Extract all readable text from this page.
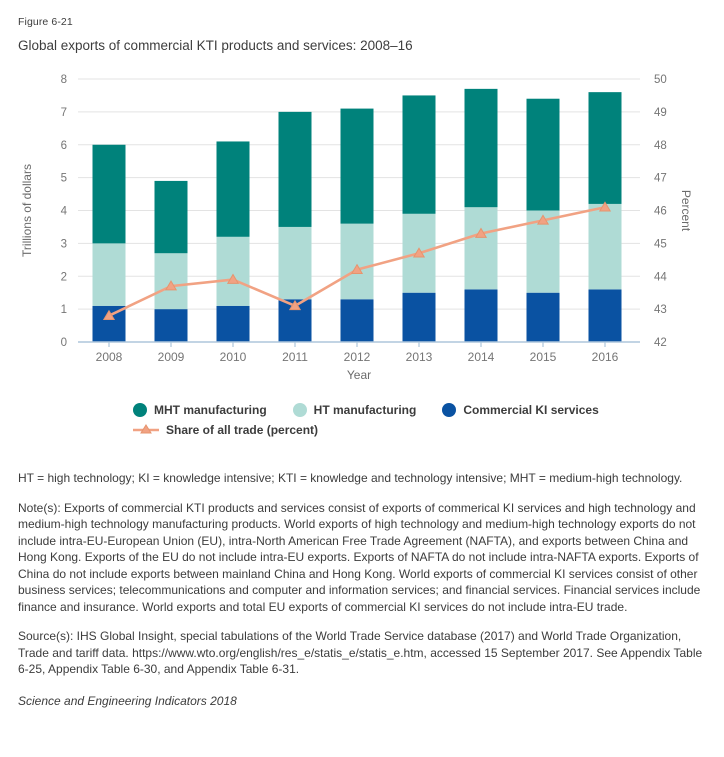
Figure 6-21
Global exports of commercial KTI products and services: 2008–16
2008	2009	2010	2011	2012	2013	2014	2015	2016
Year
0
1
2
3
4
5
6
7
8
Trillions of dollars
42
43
44
45
46
47
48
49
50
Percent
MHT manufacturing	HT manufacturing	Commercial KI services
Share of all trade (percent)

HT = high technology; KI = knowledge intensive; KTI = knowledge and technology intensive; MHT = medium-high technology.

Note(s): Exports of commercial KTI products and services consist of exports of commerical KI services and high technology and medium-high technology manufacturing products. World exports of high technology and medium-high technology exports do not include intra-EU-European Union (EU), intra-North American Free Trade Agreement (NAFTA), and exports between China and Hong Kong. Exports of the EU do not include intra-EU exports. Exports of NAFTA do not include intra-NAFTA exports. Exports of China do not include exports between mainland China and Hong Kong. World exports of commercial KI services consist of other business services; telecommunications and computer and information services; and financial services. Financial services include finance and insurance. World exports and total EU exports of commercial KI services do not include intra-EU trade.

Source(s): IHS Global Insight, special tabulations of the World Trade Service database (2017) and World Trade Organization, Trade and tariff data. https://www.wto.org/english/res_e/statis_e/statis_e.htm, accessed 15 September 2017. See Appendix Table 6-25, Appendix Table 6-30, and Appendix Table 6-31.

Science and Engineering Indicators 2018
